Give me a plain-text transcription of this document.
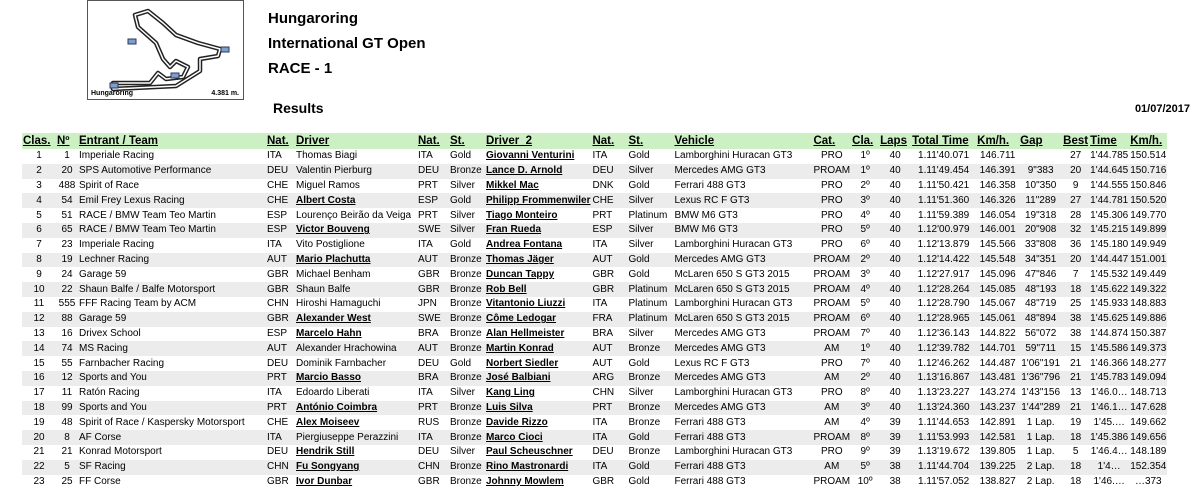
Hungaroring	4.381 m.
Hungaroring
International GT Open
RACE - 1
Results	01/07/2017
Clas.	Nº	Entrant / Team	Nat.	Driver	Nat.	St.	Driver_2	Nat.	St.	Vehicle	Cat.	Cla.	Laps	Total Time	Km/h.	Gap	Best	Time	Km/h.
1	1	Imperiale Racing	ITA	Thomas Biagi	ITA	Gold	Giovanni Venturini	ITA	Gold	Lamborghini Huracan GT3	PRO	1º	40	1.11'40.071	146.711		27	1'44.785	150.514
2	20	SPS Automotive Performance	DEU	Valentin Pierburg	DEU	Bronze	Lance D. Arnold	DEU	Silver	Mercedes AMG GT3	PROAM	1º	40	1.11'49.454	146.391	9"383	20	1'44.645	150.716
3	488	Spirit of Race	CHE	Miguel Ramos	PRT	Silver	Mikkel Mac	DNK	Gold	Ferrari 488 GT3	PRO	2º	40	1.11'50.421	146.358	10"350	9	1'44.555	150.846
4	54	Emil Frey Lexus Racing	CHE	Albert Costa	ESP	Gold	Philipp Frommenwiler	CHE	Silver	Lexus RC F GT3	PRO	3º	40	1.11'51.360	146.326	11"289	27	1'44.781	150.520
5	51	RACE / BMW Team Teo Martin	ESP	Lourenço Beirão da Veiga	PRT	Silver	Tiago Monteiro	PRT	Platinum	BMW M6 GT3	PRO	4º	40	1.11'59.389	146.054	19"318	28	1'45.306	149.770
6	65	RACE / BMW Team Teo Martin	ESP	Victor Bouveng	SWE	Silver	Fran Rueda	ESP	Silver	BMW M6 GT3	PRO	5º	40	1.12'00.979	146.001	20"908	32	1'45.215	149.899
7	23	Imperiale Racing	ITA	Vito Postiglione	ITA	Gold	Andrea Fontana	ITA	Silver	Lamborghini Huracan GT3	PRO	6º	40	1.12'13.879	145.566	33"808	36	1'45.180	149.949
8	19	Lechner Racing	AUT	Mario Plachutta	AUT	Bronze	Thomas Jäger	AUT	Gold	Mercedes AMG GT3	PROAM	2º	40	1.12'14.422	145.548	34"351	20	1'44.447	151.001
9	24	Garage 59	GBR	Michael Benham	GBR	Bronze	Duncan Tappy	GBR	Gold	McLaren 650 S GT3 2015	PROAM	3º	40	1.12'27.917	145.096	47"846	7	1'45.532	149.449
10	22	Shaun Balfe / Balfe Motorsport	GBR	Shaun Balfe	GBR	Bronze	Rob Bell	GBR	Platinum	McLaren 650 S GT3 2015	PROAM	4º	40	1.12'28.264	145.085	48"193	18	1'45.622	149.322
11	555	FFF Racing Team by ACM	CHN	Hiroshi Hamaguchi	JPN	Bronze	Vitantonio Liuzzi	ITA	Platinum	Lamborghini Huracan GT3	PROAM	5º	40	1.12'28.790	145.067	48"719	25	1'45.933	148.883
12	88	Garage 59	GBR	Alexander West	SWE	Bronze	Côme Ledogar	FRA	Platinum	McLaren 650 S GT3 2015	PROAM	6º	40	1.12'28.965	145.061	48"894	38	1'45.625	149.886
13	16	Drivex School	ESP	Marcelo Hahn	BRA	Bronze	Alan Hellmeister	BRA	Silver	Mercedes AMG GT3	PROAM	7º	40	1.12'36.143	144.822	56"072	38	1'44.874	150.387
14	74	MS Racing	AUT	Alexander Hrachowina	AUT	Bronze	Martin Konrad	AUT	Bronze	Mercedes AMG GT3	AM	1º	40	1.12'39.782	144.701	59"711	15	1'45.586	149.373
15	55	Farnbacher Racing	DEU	Dominik Farnbacher	DEU	Gold	Norbert Siedler	AUT	Gold	Lexus RC F GT3	PRO	7º	40	1.12'46.262	144.487	1'06"191	21	1'46.366	148.277
16	12	Sports and You	PRT	Marcio Basso	BRA	Bronze	José Balbiani	ARG	Bronze	Mercedes AMG GT3	AM	2º	40	1.13'16.867	143.481	1'36"796	21	1'45.783	149.094
17	11	Ratón Racing	ITA	Edoardo Liberati	ITA	Silver	Kang Ling	CHN	Silver	Lamborghini Huracan GT3	PRO	8º	40	1.13'23.227	143.274	1'43"156	13	1'46.0…	148.713
18	99	Sports and You	PRT	António Coimbra	PRT	Bronze	Luis Silva	PRT	Bronze	Mercedes AMG GT3	AM	3º	40	1.13'24.360	143.237	1'44"289	21	1'46.1…	147.628
19	48	Spirit of Race / Kaspersky Motorsport	CHE	Alex Moiseev	RUS	Bronze	Davide Rizzo	ITA	Bronze	Ferrari 488 GT3	AM	4º	39	1.11'44.653	142.891	1 Lap.	19	1'45.…	149.662
20	8	AF Corse	ITA	Piergiuseppe Perazzini	ITA	Bronze	Marco Cioci	ITA	Gold	Ferrari 488 GT3	PROAM	8º	39	1.11'53.993	142.581	1 Lap.	18	1'45.386	149.656
21	21	Konrad Motorsport	DEU	Hendrik Still	DEU	Silver	Paul Scheuschner	DEU	Bronze	Lamborghini Huracan GT3	PRO	9º	39	1.13'19.672	139.805	1 Lap.	5	1'46.4…	148.189
22	5	SF Racing	CHN	Fu Songyang	CHN	Bronze	Rino Mastronardi	ITA	Gold	Ferrari 488 GT3	AM	5º	38	1.11'44.704	139.225	2 Lap.	18	1'4…	152.354
23	25	FF Corse	GBR	Ivor Dunbar	GBR	Bronze	Johnny Mowlem	GBR	Gold	Ferrari 488 GT3	PROAM	10º	38	1.11'57.052	138.827	2 Lap.	18	1'46.…	…373
